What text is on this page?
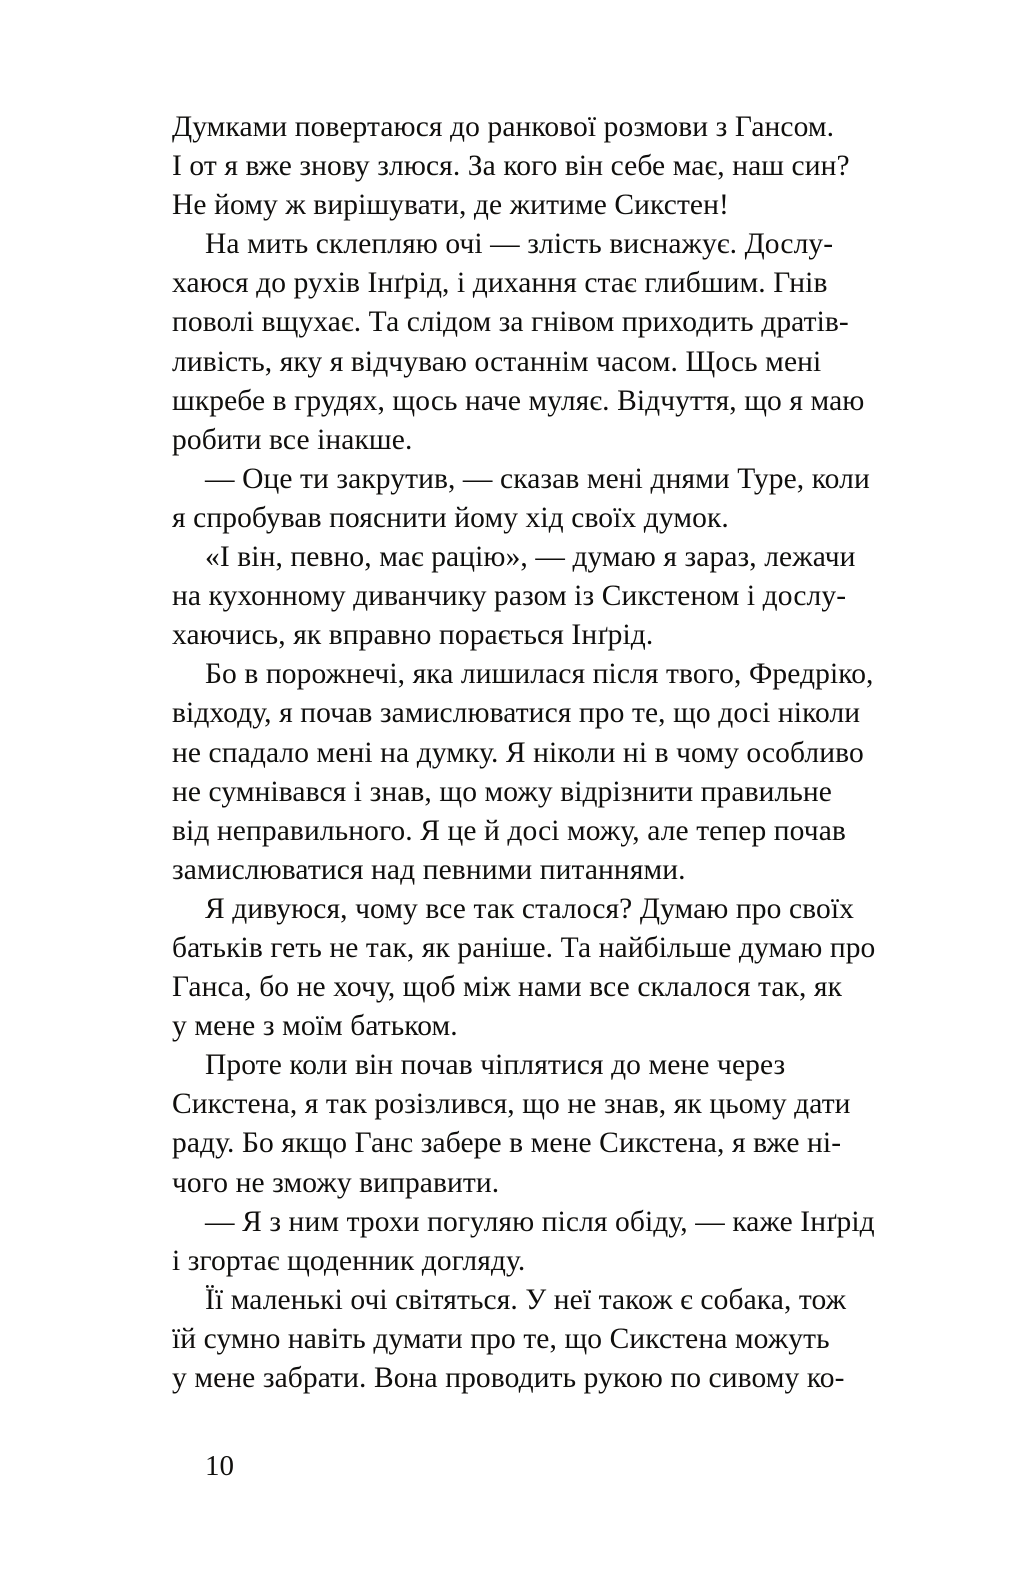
Думками повертаюся до ранкової розмови з Гансом.
І от я вже знову злюся. За кого він себе має, наш син?
Не йому ж вирішувати, де житиме Сикстен!
На мить склепляю очі — злість виснажує. Дослу-
хаюся до рухів Інґрід, і дихання стає глибшим. Гнів
поволі вщухає. Та слідом за гнівом приходить дратів-
ливість, яку я відчуваю останнім часом. Щось мені
шкребе в грудях, щось наче муляє. Відчуття, що я маю
робити все інакше.
— Оце ти закрутив, — сказав мені днями Туре, коли
я спробував пояснити йому хід своїх думок.
«І він, певно, має рацію», — думаю я зараз, лежачи
на кухонному диванчику разом із Сикстеном і дослу-
хаючись, як вправно порається Інґрід.
Бо в порожнечі, яка лишилася після твого, Фредріко,
відходу, я почав замислюватися про те, що досі ніколи
не спадало мені на думку. Я ніколи ні в чому особливо
не сумнівався і знав, що можу відрізнити правильне
від неправильного. Я це й досі можу, але тепер почав
замислюватися над певними питаннями.
Я дивуюся, чому все так сталося? Думаю про своїх
батьків геть не так, як раніше. Та найбільше думаю про
Ганса, бо не хочу, щоб між нами все склалося так, як
у мене з моїм батьком.
Проте коли він почав чіплятися до мене через
Сикстена, я так розізлився, що не знав, як цьому дати
раду. Бо якщо Ганс забере в мене Сикстена, я вже ні-
чого не зможу виправити.
— Я з ним трохи погуляю після обіду, — каже Інґрід
і згортає щоденник догляду.
Її маленькі очі світяться. У неї також є собака, тож
їй сумно навіть думати про те, що Сикстена можуть
у мене забрати. Вона проводить рукою по сивому ко-
10
